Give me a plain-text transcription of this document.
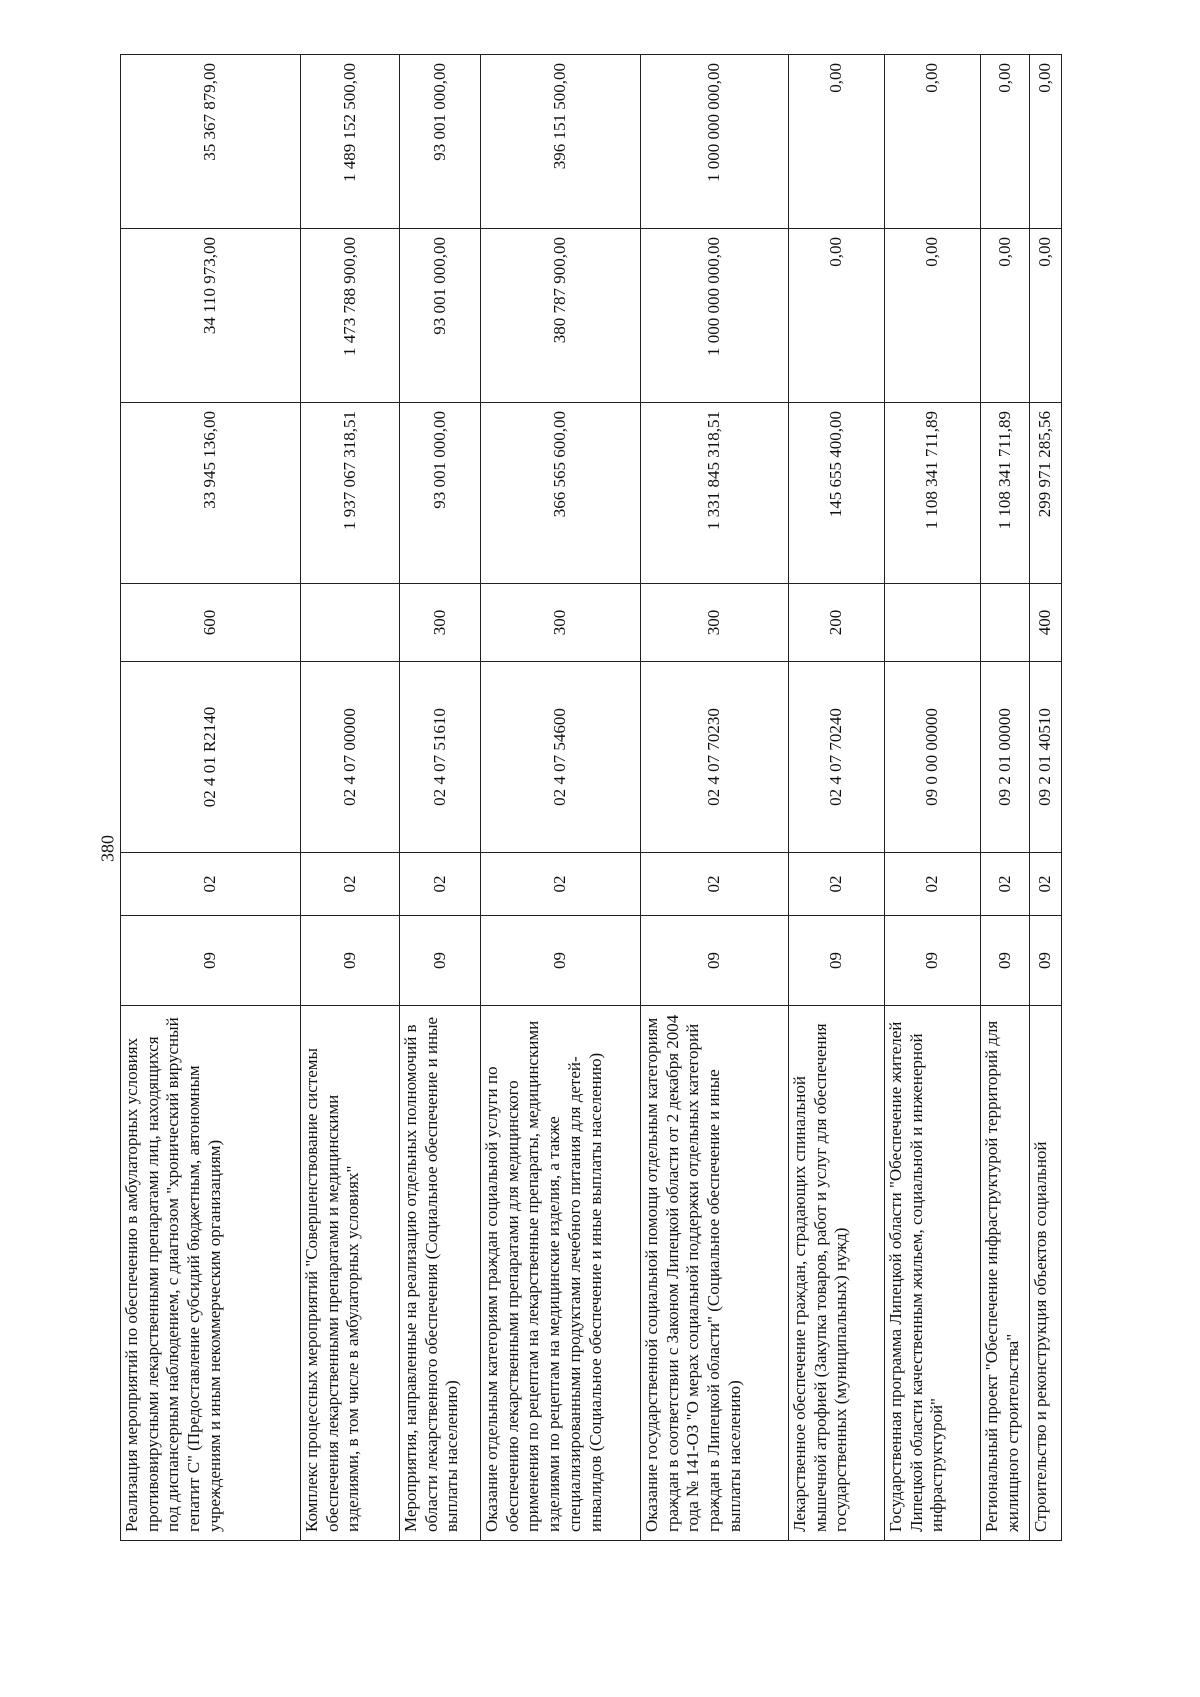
380
Реализация мероприятий по обеспечению в амбулаторных условиях противовирусными лекарственными препаратами лиц, находящихся под диспансерным наблюдением, с диагнозом "хронический вирусный гепатит С" (Предоставление субсидий бюджетным, автономным учреждениям и иным некоммерческим организациям)	09	02	02 4 01 R2140	600	33 945 136,00	34 110 973,00	35 367 879,00
Комплекс процессных мероприятий "Совершенствование системы обеспечения лекарственными препаратами и медицинскими изделиями, в том числе в амбулаторных условиях"	09	02	02 4 07 00000		1 937 067 318,51	1 473 788 900,00	1 489 152 500,00
Мероприятия, направленные на реализацию отдельных полномочий в области лекарственного обеспечения (Социальное обеспечение и иные выплаты населению)	09	02	02 4 07 51610	300	93 001 000,00	93 001 000,00	93 001 000,00
Оказание отдельным категориям граждан социальной услуги по обеспечению лекарственными препаратами для медицинского применения по рецептам на лекарственные препараты, медицинскими изделиями по рецептам на медицинские изделия, а также специализированными продуктами лечебного питания для детей-инвалидов (Социальное обеспечение и иные выплаты населению)	09	02	02 4 07 54600	300	366 565 600,00	380 787 900,00	396 151 500,00
Оказание государственной социальной помощи отдельным категориям граждан в соответствии с Законом Липецкой области от 2 декабря 2004 года № 141-ОЗ "О мерах социальной поддержки отдельных категорий граждан в Липецкой области" (Социальное обеспечение и иные выплаты населению)	09	02	02 4 07 70230	300	1 331 845 318,51	1 000 000 000,00	1 000 000 000,00
Лекарственное обеспечение граждан, страдающих спинальной мышечной атрофией (Закупка товаров, работ и услуг для обеспечения государственных (муниципальных) нужд)	09	02	02 4 07 70240	200	145 655 400,00	0,00	0,00
Государственная программа Липецкой области "Обеспечение жителей Липецкой области качественным жильем, социальной и инженерной инфраструктурой"	09	02	09 0 00 00000		1 108 341 711,89	0,00	0,00
Региональный проект "Обеспечение инфраструктурой территорий для жилищного строительства"	09	02	09 2 01 00000		1 108 341 711,89	0,00	0,00
Строительство и реконструкция объектов социальной	09	02	09 2 01 40510	400	299 971 285,56	0,00	0,00
